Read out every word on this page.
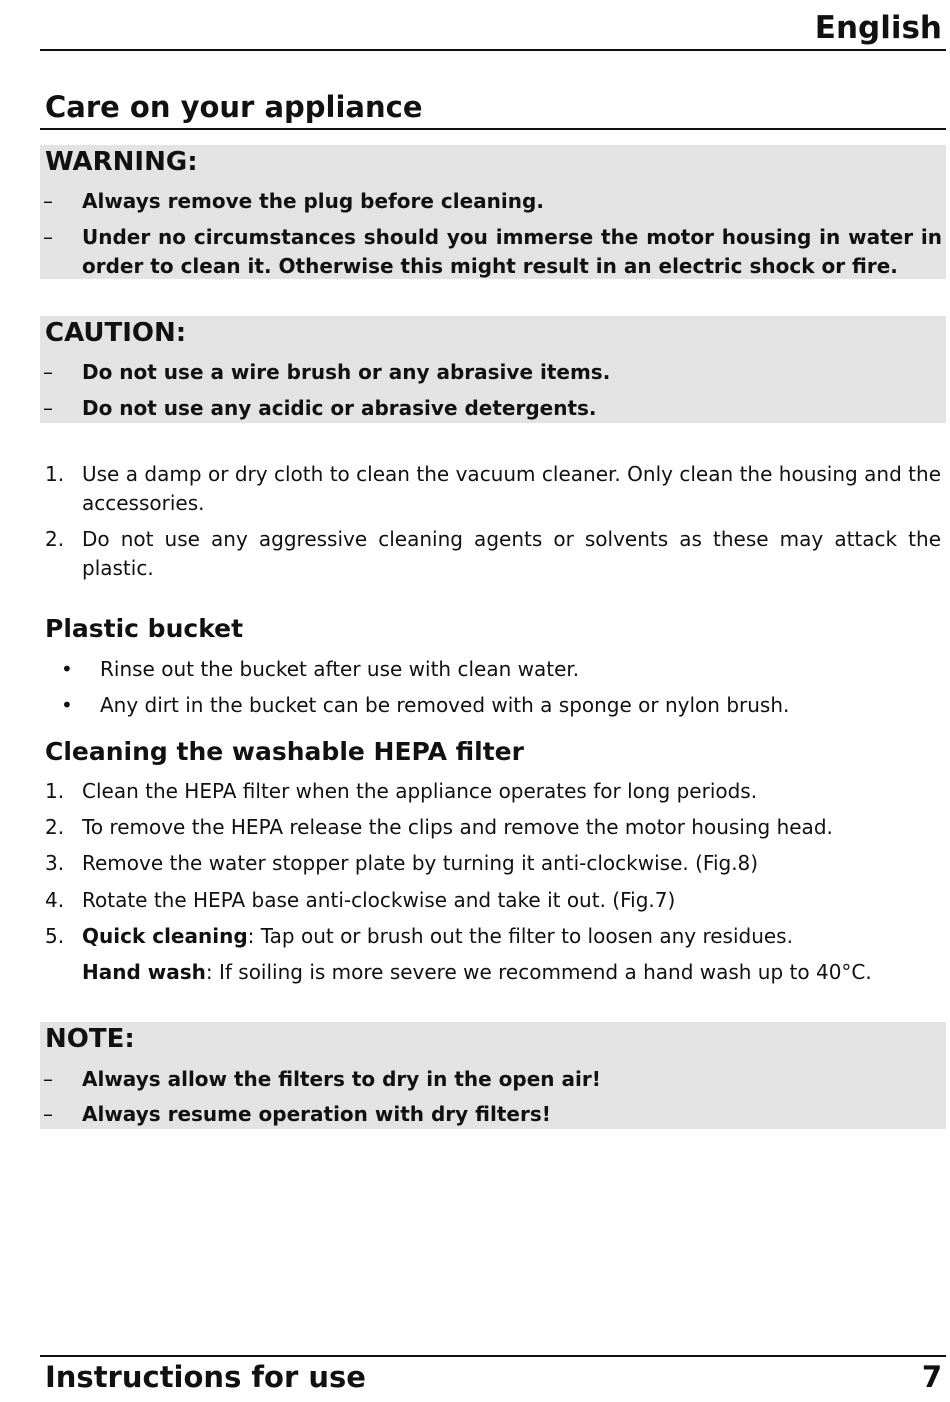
English
Care on your appliance
WARNING:
– Always remove the plug before cleaning.
– Under no circumstances should you immerse the motor housing in water in order to clean it. Otherwise this might result in an electric shock or fire.
CAUTION:
– Do not use a wire brush or any abrasive items.
– Do not use any acidic or abrasive detergents.
1. Use a damp or dry cloth to clean the vacuum cleaner. Only clean the housing and the accessories.
2. Do not use any aggressive cleaning agents or solvents as these may attack the plastic.
Plastic bucket
• Rinse out the bucket after use with clean water.
• Any dirt in the bucket can be removed with a sponge or nylon brush.
Cleaning the washable HEPA filter
1. Clean the HEPA filter when the appliance operates for long periods.
2. To remove the HEPA release the clips and remove the motor housing head.
3. Remove the water stopper plate by turning it anti-clockwise. (Fig.8)
4. Rotate the HEPA base anti-clockwise and take it out. (Fig.7)
5. Quick cleaning: Tap out or brush out the filter to loosen any residues.
Hand wash: If soiling is more severe we recommend a hand wash up to 40°C.
NOTE:
– Always allow the filters to dry in the open air!
– Always resume operation with dry filters!
Instructions for use	7
